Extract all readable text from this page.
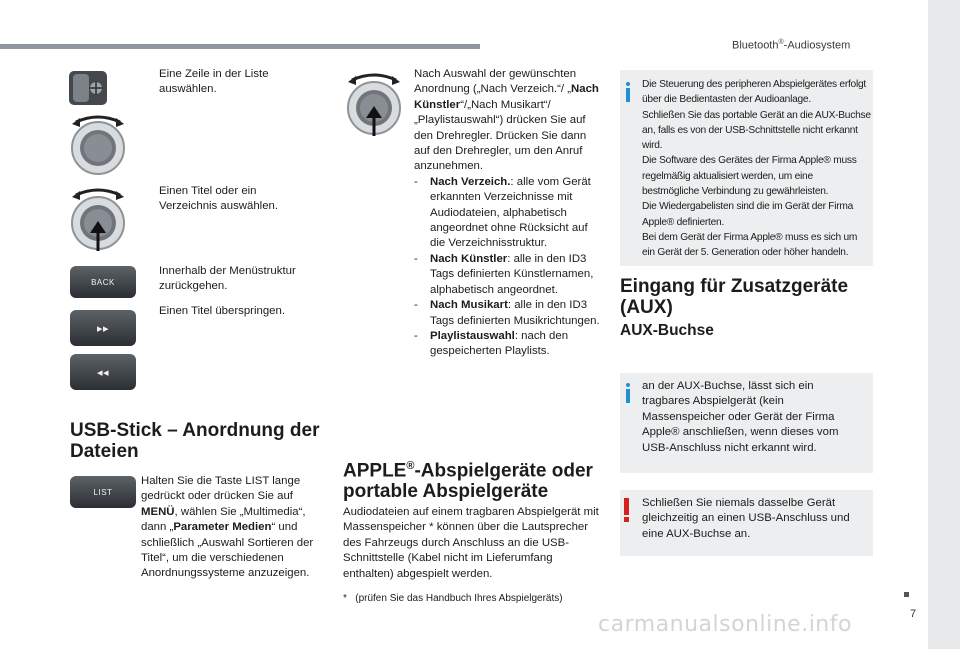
Bluetooth®-Audiosystem
Eine Zeile in der Liste auswählen.
Einen Titel oder ein Verzeichnis auswählen.
BACK
Innerhalb der Menüstruktur zurückgehen.
▸▸
◂◂
Einen Titel überspringen.
USB-Stick – Anordnung der Dateien
LIST
Halten Sie die Taste LIST lange gedrückt oder drücken Sie auf MENÜ, wählen Sie „Multimedia“, dann „Parameter Medien“ und schließlich „Auswahl Sortieren der Titel“, um die verschiedenen Anordnungssysteme anzuzeigen.
Nach Auswahl der gewünschten Anordnung („Nach Verzeich.“/ „Nach Künstler“/„Nach Musikart“/„Playlistauswahl“) drücken Sie auf den Drehregler. Drücken Sie dann auf den Drehregler, um den Anruf anzunehmen.
- Nach Verzeich.: alle vom Gerät erkannten Verzeichnisse mit Audiodateien, alphabetisch angeordnet ohne Rücksicht auf die Verzeichnisstruktur.
- Nach Künstler: alle in den ID3 Tags definierten Künstlernamen, alphabetisch angeordnet.
- Nach Musikart: alle in den ID3 Tags definierten Musikrichtungen.
- Playlistauswahl: nach den gespeicherten Playlists.
APPLE®-Abspielgeräte oder portable Abspielgeräte
Audiodateien auf einem tragbaren Abspielgerät mit Massenspeicher * können über die Lautsprecher des Fahrzeugs durch Anschluss an die USB-Schnittstelle (Kabel nicht im Lieferumfang enthalten) abgespielt werden.
* (prüfen Sie das Handbuch Ihres Abspielgeräts)
Die Steuerung des peripheren Abspielgerätes erfolgt über die Bedientasten der Audioanlage.
Schließen Sie das portable Gerät an die AUX-Buchse an, falls es von der USB-Schnittstelle nicht erkannt wird.
Die Software des Gerätes der Firma Apple® muss regelmäßig aktualisiert werden, um eine bestmögliche Verbindung zu gewährleisten.
Die Wiedergabelisten sind die im Gerät der Firma Apple® definierten.
Bei dem Gerät der Firma Apple® muss es sich um ein Gerät der 5. Generation oder höher handeln.
Eingang für Zusatzgeräte (AUX)
AUX-Buchse
an der AUX-Buchse, lässt sich ein tragbares Abspielgerät (kein Massenspeicher oder Gerät der Firma Apple® anschließen, wenn dieses vom USB-Anschluss nicht erkannt wird.
Schließen Sie niemals dasselbe Gerät gleichzeitig an einen USB-Anschluss und eine AUX-Buchse an.
7
carmanualsonline.info
